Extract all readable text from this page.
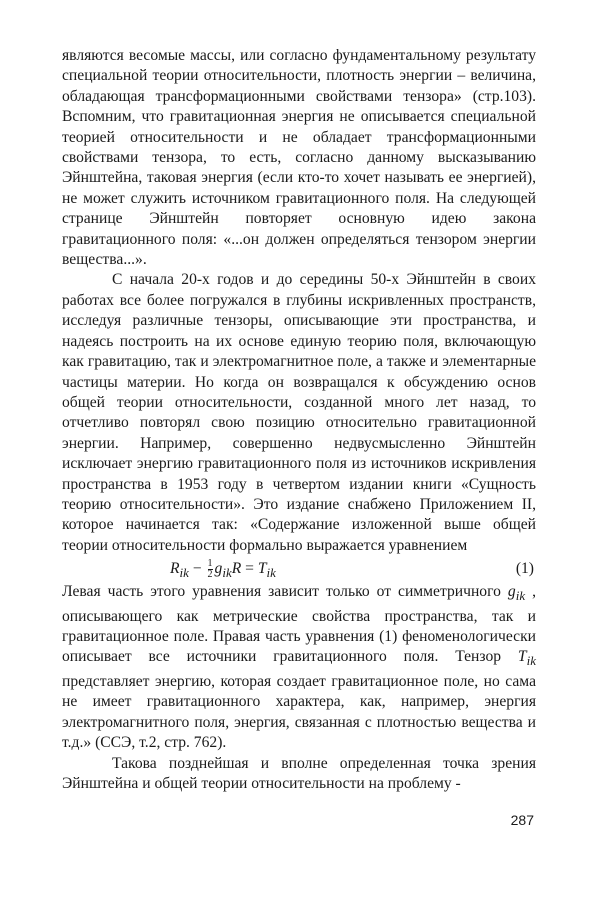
являются весомые массы, или согласно фундаментальному результату специальной теории относительности, плотность энергии – величина, обладающая трансформационными свойствами тензора» (стр.103). Вспомним, что гравитационная энергия не описывается специальной теорией относительности и не обладает трансформационными свойствами тензора, то есть, согласно данному высказыванию Эйнштейна, таковая энергия (если кто-то хочет называть ее энергией), не может служить источником гравитационного поля. На следующей странице Эйнштейн повторяет основную идею закона гравитационного поля: «...он должен определяться тензором энергии вещества...».

С начала 20-х годов и до середины 50-х Эйнштейн в своих работах все более погружался в глубины искривленных пространств, исследуя различные тензоры, описывающие эти пространства, и надеясь построить на их основе единую теорию поля, включающую как гравитацию, так и электромагнитное поле, а также и элементарные частицы материи. Но когда он возвращался к обсуждению основ общей теории относительности, созданной много лет назад, то отчетливо повторял свою позицию относительно гравитационной энергии. Например, совершенно недвусмысленно Эйнштейн исключает энергию гравитационного поля из источников искривления пространства в 1953 году в четвертом издании книги «Сущность теорию относительности». Это издание снабжено Приложением II, которое начинается так: «Содержание изложенной выше общей теории относительности формально выражается уравнением

$R_{ik} - \frac{1}{2} g_{ik}R = T_{ik}$	(1)

Левая часть этого уравнения зависит только от симметричного $g_{ik}$ , описывающего как метрические свойства пространства, так и гравитационное поле. Правая часть уравнения (1) феноменологически описывает все источники гравитационного поля. Тензор $T_{ik}$ представляет энергию, которая создает гравитационное поле, но сама не имеет гравитационного характера, как, например, энергия электромагнитного поля, энергия, связанная с плотностью вещества и т.д.» (ССЭ, т.2, стр. 762).

Такова позднейшая и вполне определенная точка зрения Эйнштейна и общей теории относительности на проблему -

287
